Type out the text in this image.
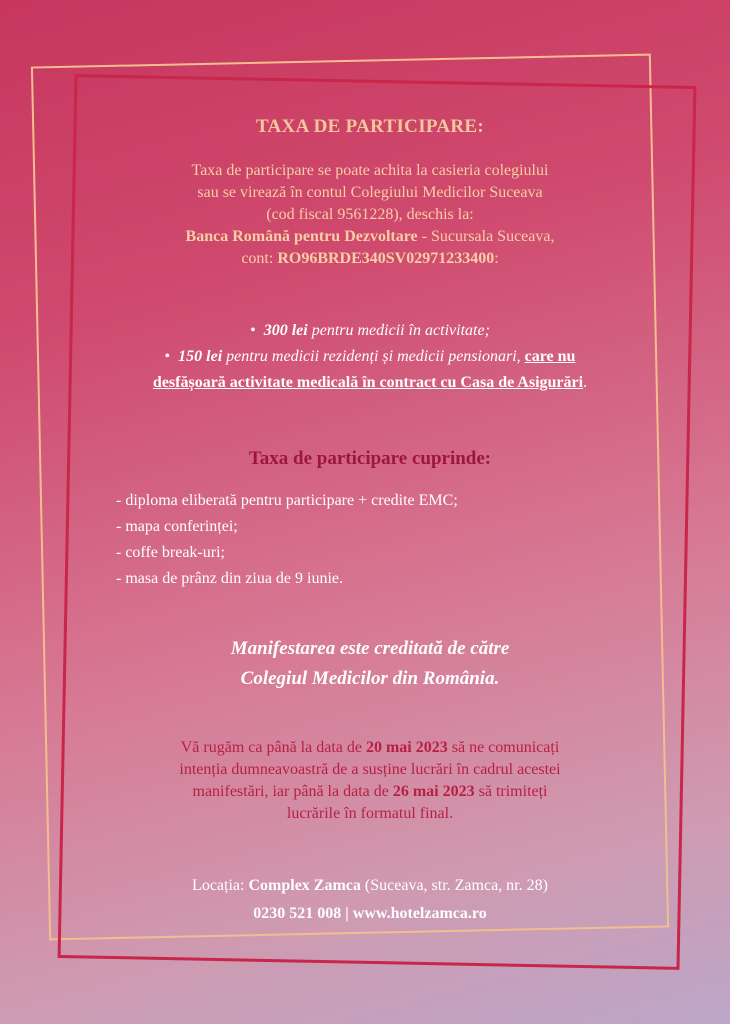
TAXA DE PARTICIPARE:
Taxa de participare se poate achita la casieria colegiului
sau se virează în contul Colegiului Medicilor Suceava
(cod fiscal 9561228), deschis la:
Banca Română pentru Dezvoltare - Sucursala Suceava,
cont: RO96BRDE340SV02971233400:
• 300 lei pentru medicii în activitate;
• 150 lei pentru medicii rezidenți și medicii pensionari, care nu
desfășoară activitate medicală în contract cu Casa de Asigurări.
Taxa de participare cuprinde:
- diploma eliberată pentru participare + credite EMC;
- mapa conferinței;
- coffe break-uri;
- masa de prânz din ziua de 9 iunie.
Manifestarea este creditată de către
Colegiul Medicilor din România.
Vă rugăm ca până la data de 20 mai 2023 să ne comunicați
intenția dumneavoastră de a susține lucrări în cadrul acestei
manifestări, iar până la data de 26 mai 2023 să trimiteți
lucrările în formatul final.
Locația: Complex Zamca (Suceava, str. Zamca, nr. 28)
0230 521 008 | www.hotelzamca.ro
